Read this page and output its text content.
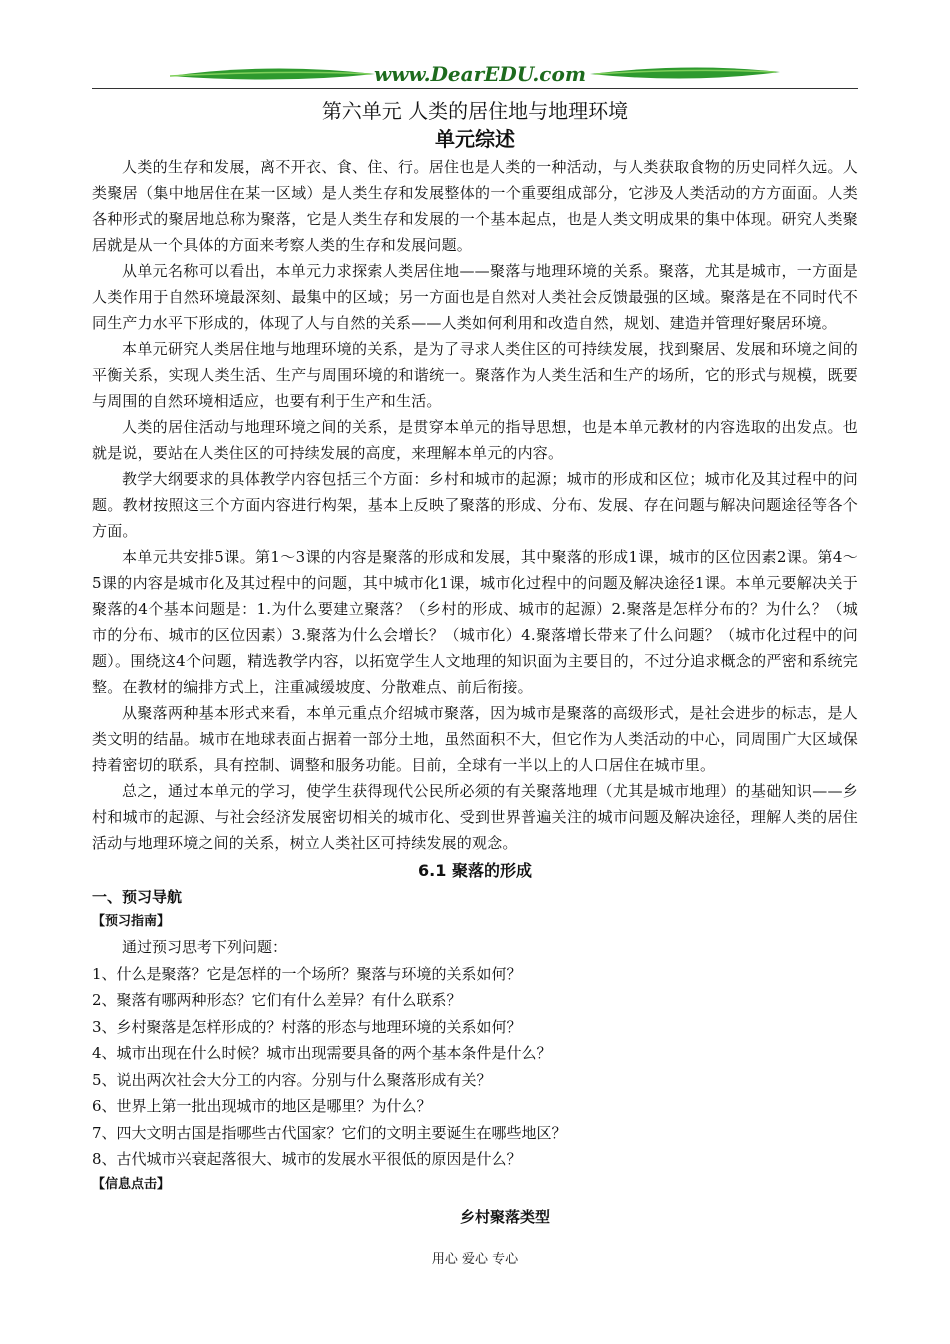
www.DearEDU.com
第六单元 人类的居住地与地理环境
单元综述

人类的生存和发展，离不开衣、食、住、行。居住也是人类的一种活动，与人类获取食物的历史同样久远。人类聚居（集中地居住在某一区域）是人类生存和发展整体的一个重要组成部分，它涉及人类活动的方方面面。人类各种形式的聚居地总称为聚落，它是人类生存和发展的一个基本起点，也是人类文明成果的集中体现。研究人类聚居就是从一个具体的方面来考察人类的生存和发展问题。

从单元名称可以看出，本单元力求探索人类居住地——聚落与地理环境的关系。聚落，尤其是城市，一方面是人类作用于自然环境最深刻、最集中的区域；另一方面也是自然对人类社会反馈最强的区域。聚落是在不同时代不同生产力水平下形成的，体现了人与自然的关系——人类如何利用和改造自然，规划、建造并管理好聚居环境。

本单元研究人类居住地与地理环境的关系，是为了寻求人类住区的可持续发展，找到聚居、发展和环境之间的平衡关系，实现人类生活、生产与周围环境的和谐统一。聚落作为人类生活和生产的场所，它的形式与规模，既要与周围的自然环境相适应，也要有利于生产和生活。

人类的居住活动与地理环境之间的关系，是贯穿本单元的指导思想，也是本单元教材的内容选取的出发点。也就是说，要站在人类住区的可持续发展的高度，来理解本单元的内容。

教学大纲要求的具体教学内容包括三个方面：乡村和城市的起源；城市的形成和区位；城市化及其过程中的问题。教材按照这三个方面内容进行构架，基本上反映了聚落的形成、分布、发展、存在问题与解决问题途径等各个方面。

本单元共安排5课。第1～3课的内容是聚落的形成和发展，其中聚落的形成1课，城市的区位因素2课。第4～5课的内容是城市化及其过程中的问题，其中城市化1课，城市化过程中的问题及解决途径1课。本单元要解决关于聚落的4个基本问题是：1.为什么要建立聚落？（乡村的形成、城市的起源）2.聚落是怎样分布的？为什么？（城市的分布、城市的区位因素）3.聚落为什么会增长？（城市化）4.聚落增长带来了什么问题？（城市化过程中的问题）。围绕这4个问题，精选教学内容，以拓宽学生人文地理的知识面为主要目的，不过分追求概念的严密和系统完整。在教材的编排方式上，注重减缓坡度、分散难点、前后衔接。

从聚落两种基本形式来看，本单元重点介绍城市聚落，因为城市是聚落的高级形式，是社会进步的标志，是人类文明的结晶。城市在地球表面占据着一部分土地，虽然面积不大，但它作为人类活动的中心，同周围广大区域保持着密切的联系，具有控制、调整和服务功能。目前，全球有一半以上的人口居住在城市里。

总之，通过本单元的学习，使学生获得现代公民所必须的有关聚落地理（尤其是城市地理）的基础知识——乡村和城市的起源、与社会经济发展密切相关的城市化、受到世界普遍关注的城市问题及解决途径，理解人类的居住活动与地理环境之间的关系，树立人类社区可持续发展的观念。

6.1 聚落的形成
一、预习导航
【预习指南】

通过预习思考下列问题：

1、什么是聚落？它是怎样的一个场所？聚落与环境的关系如何？

2、聚落有哪两种形态？它们有什么差异？有什么联系？

3、乡村聚落是怎样形成的？村落的形态与地理环境的关系如何？

4、城市出现在什么时候？城市出现需要具备的两个基本条件是什么？

5、说出两次社会大分工的内容。分别与什么聚落形成有关？

6、世界上第一批出现城市的地区是哪里？为什么？

7、四大文明古国是指哪些古代国家？它们的文明主要诞生在哪些地区？

8、古代城市兴衰起落很大、城市的发展水平很低的原因是什么？

【信息点击】
乡村聚落类型
用心 爱心 专心
